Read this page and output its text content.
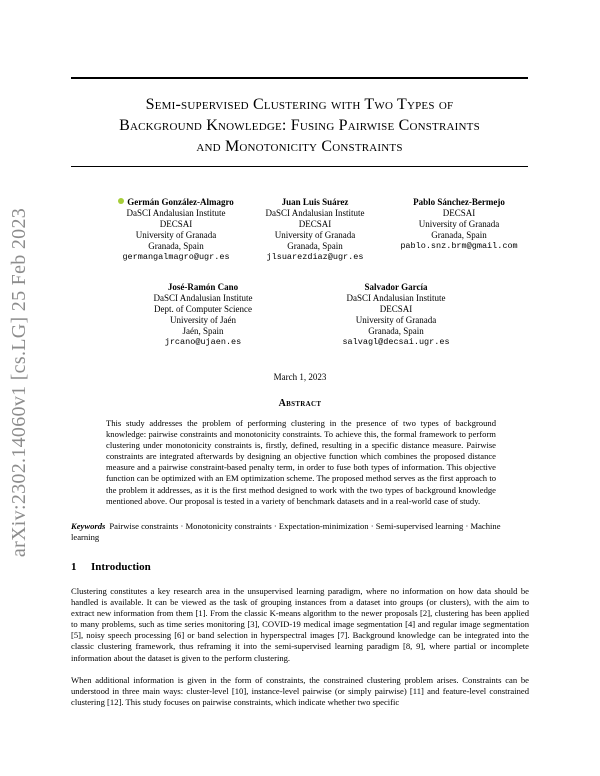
arXiv:2302.14060v1 [cs.LG] 25 Feb 2023
Semi-supervised Clustering with Two Types of
Background Knowledge: Fusing Pairwise Constraints
and Monotonicity Constraints
Germán González-Almagro
DaSCI Andalusian Institute
DECSAI
University of Granada
Granada, Spain
germangalmagro@ugr.es
Juan Luis Suárez
DaSCI Andalusian Institute
DECSAI
University of Granada
Granada, Spain
jlsuarezdiaz@ugr.es
Pablo Sánchez-Bermejo
DECSAI
University of Granada
Granada, Spain
pablo.snz.brm@gmail.com
José-Ramón Cano
DaSCI Andalusian Institute
Dept. of Computer Science
University of Jaén
Jaén, Spain
jrcano@ujaen.es
Salvador García
DaSCI Andalusian Institute
DECSAI
University of Granada
Granada, Spain
salvagl@decsai.ugr.es
March 1, 2023
Abstract
This study addresses the problem of performing clustering in the presence of two types of background knowledge: pairwise constraints and monotonicity constraints. To achieve this, the formal framework to perform clustering under monotonicity constraints is, firstly, defined, resulting in a specific distance measure. Pairwise constraints are integrated afterwards by designing an objective function which combines the proposed distance measure and a pairwise constraint-based penalty term, in order to fuse both types of information. This objective function can be optimized with an EM optimization scheme. The proposed method serves as the first approach to the problem it addresses, as it is the first method designed to work with the two types of background knowledge mentioned above. Our proposal is tested in a variety of benchmark datasets and in a real-world case of study.
Keywords Pairwise constraints · Monotonicity constraints · Expectation-minimization · Semi-supervised learning · Machine learning
1 Introduction
Clustering constitutes a key research area in the unsupervised learning paradigm, where no information on how data should be handled is available. It can be viewed as the task of grouping instances from a dataset into groups (or clusters), with the aim to extract new information from them [1]. From the classic K-means algorithm to the newer proposals [2], clustering has been applied to many problems, such as time series monitoring [3], COVID-19 medical image segmentation [4] and regular image segmentation [5], noisy speech processing [6] or band selection in hyperspectral images [7]. Background knowledge can be integrated into the classic clustering framework, thus reframing it into the semi-supervised learning paradigm [8, 9], where partial or incomplete information about the dataset is given to the perform clustering.
When additional information is given in the form of constraints, the constrained clustering problem arises. Constraints can be understood in three main ways: cluster-level [10], instance-level pairwise (or simply pairwise) [11] and feature-level constrained clustering [12]. This study focuses on pairwise constraints, which indicate whether two specific
